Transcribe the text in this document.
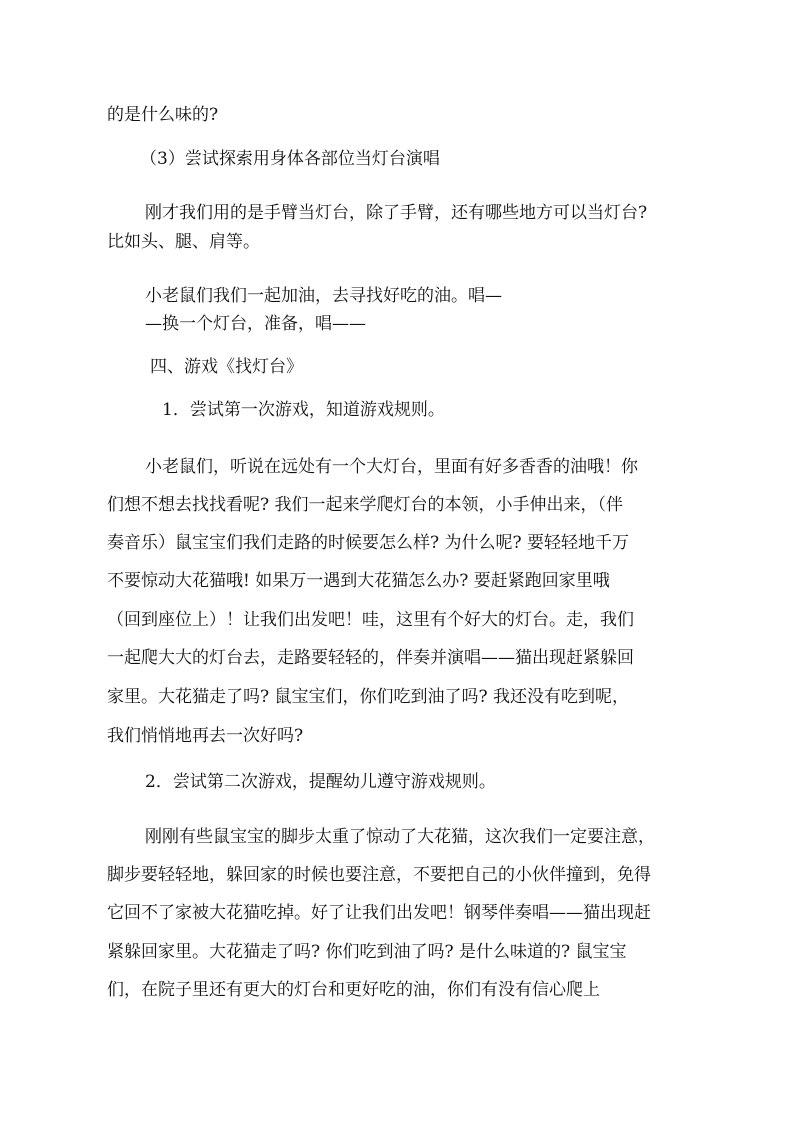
的是什么味的?
（3）尝试探索用身体各部位当灯台演唱
刚才我们用的是手臂当灯台，除了手臂，还有哪些地方可以当灯台?
比如头、腿、肩等。
小老鼠们我们一起加油，去寻找好吃的油。唱—
—换一个灯台，准备，唱——
四、游戏《找灯台》
1．尝试第一次游戏，知道游戏规则。
小老鼠们，听说在远处有一个大灯台，里面有好多香香的油哦！你
们想不想去找找看呢? 我们一起来学爬灯台的本领，小手伸出来，（伴
奏音乐）鼠宝宝们我们走路的时候要怎么样? 为什么呢? 要轻轻地千万
不要惊动大花猫哦! 如果万一遇到大花猫怎么办? 要赶紧跑回家里哦
（回到座位上）！让我们出发吧！哇，这里有个好大的灯台。走，我们
一起爬大大的灯台去，走路要轻轻的，伴奏并演唱——猫出现赶紧躲回
家里。大花猫走了吗? 鼠宝宝们，你们吃到油了吗? 我还没有吃到呢，
我们悄悄地再去一次好吗?
2．尝试第二次游戏，提醒幼儿遵守游戏规则。
刚刚有些鼠宝宝的脚步太重了惊动了大花猫，这次我们一定要注意，
脚步要轻轻地，躲回家的时候也要注意，不要把自己的小伙伴撞到，免得
它回不了家被大花猫吃掉。好了让我们出发吧！钢琴伴奏唱——猫出现赶
紧躲回家里。大花猫走了吗? 你们吃到油了吗? 是什么味道的? 鼠宝宝
们，在院子里还有更大的灯台和更好吃的油，你们有没有信心爬上
